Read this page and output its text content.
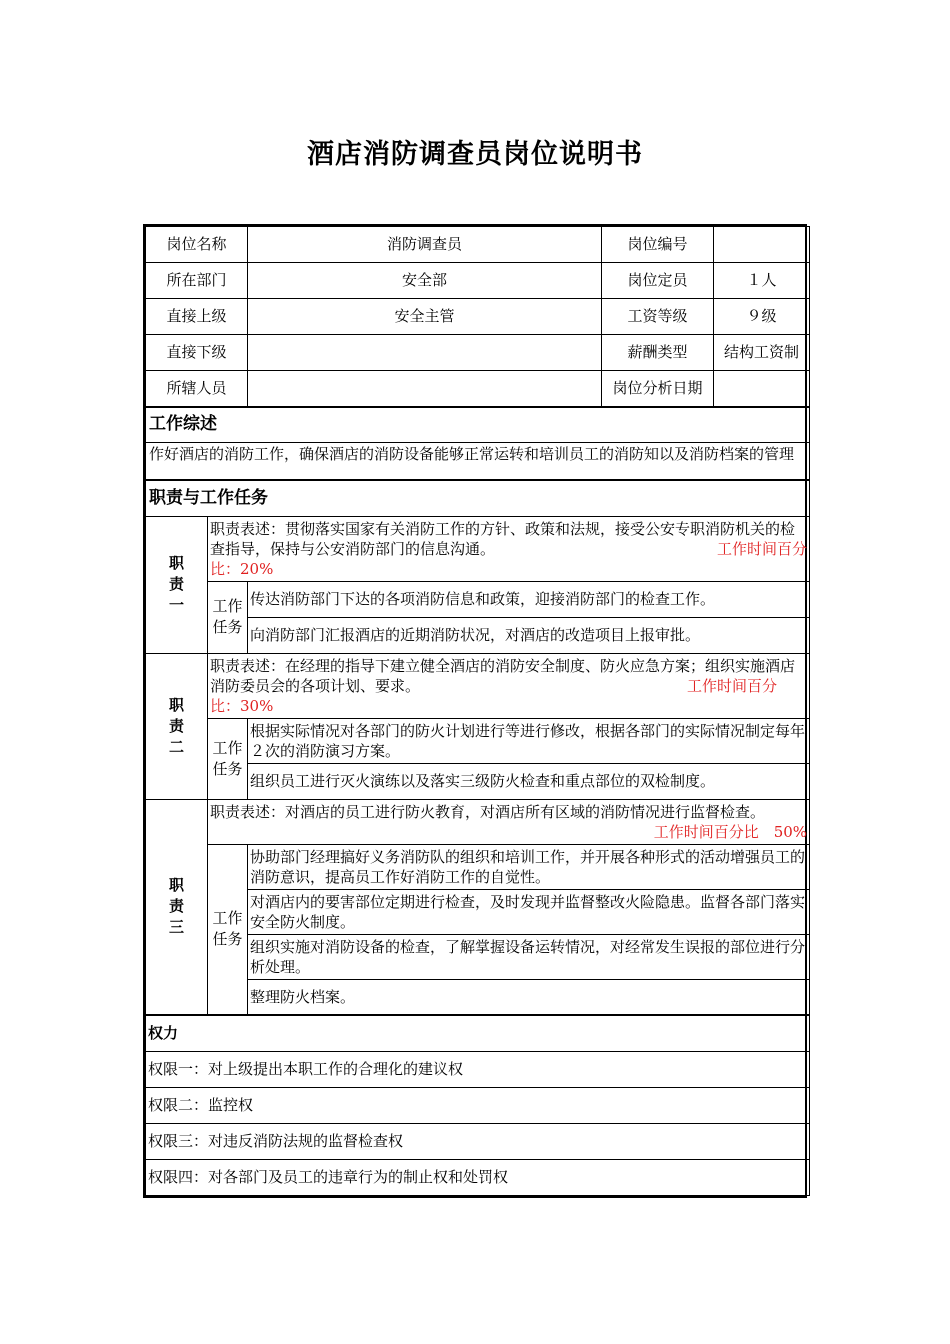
酒店消防调查员岗位说明书
岗位名称		消防调查员	岗位编号	
所在部门		安全部	岗位定员	１人
直接上级		安全主管	工资等级	９级
直接下级			薪酬类型	结构工资制
所辖人员			岗位分析日期	
工作综述				

作好酒店的消防工作，确保酒店的消防设备能够正常运转和培训员工的消防知以及消防档案的管理				

职责与工作任务				

职责一	职责表述：贯彻落实国家有关消防工作的方针、政策和法规，接受公安专职消防机关的检查指导，保持与公安消防部门的信息沟通。 工作时间百分

比：20%			

	工作任务	传达消防部门下达的各项消防信息和政策，迎接消防部门的检查工作。		
		向消防部门汇报酒店的近期消防状况，对酒店的改造项目上报审批。		

职责二	职责表述：在经理的指导下建立健全酒店的消防安全制度、防火应急方案；组织实施酒店消防委员会的各项计划、要求。 工作时间百分

比：30%			

	工作任务	根据实际情况对各部门的防火计划进行等进行修改，根据各部门的实际情况制定每年２次的消防演习方案。		
		组织员工进行灭火演练以及落实三级防火检查和重点部位的双检制度。		

职责三	职责表述：对酒店的员工进行防火教育，对酒店所有区域的消防情况进行监督检查。

工作时间百分比　50%			

	工作任务	协助部门经理搞好义务消防队的组织和培训工作，并开展各种形式的活动增强员工的消防意识，提高员工作好消防工作的自觉性。		
		对酒店内的要害部位定期进行检查，及时发现并监督整改火险隐患。监督各部门落实安全防火制度。		
		组织实施对消防设备的检查，了解掌握设备运转情况，对经常发生误报的部位进行分析处理。		
		整理防火档案。		
权力				
权限一：对上级提出本职工作的合理化的建议权				
权限二：监控权				
权限三：对违反消防法规的监督检查权				
权限四：对各部门及员工的违章行为的制止权和处罚权				
